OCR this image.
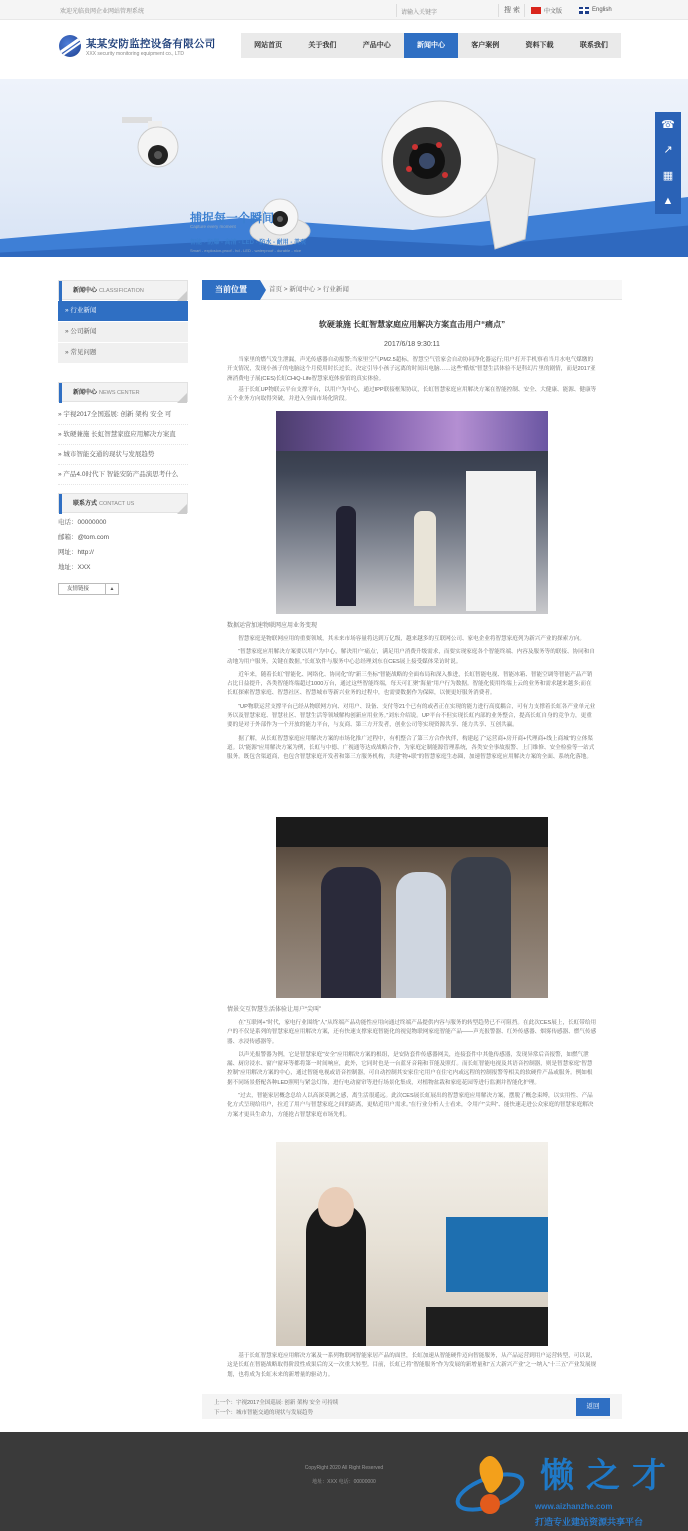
欢迎光临贵网企业网站管理系统	请输入关键字	搜 索	中文版	English
某某安防监控设备有限公司
XXX security monitoring equipment co., LTD
网站首页	关于我们	产品中心	新闻中心	客户案例	资料下载	联系我们
捕捉每一个瞬间
Capture every moment
智能 - 防爆 - 高清 - LED - 防水 - 耐用 - 美观
Smart - explosion-proof - hd - LED - waterproof - durable - nice
☎
↗
▦
▲
新闻中心 CLASSIFICATION
» 行业新闻
» 公司新闻
» 常见问题
新闻中心 NEWS CENTER
» 宇视2017全国巡展: 创新 架构 安全 可
» 软硬兼施 长虹智慧家庭应用解决方案直
» 城市智能交通的现状与发展趋势
» 产品4.0时代下 智能安防产品演思考什么
联系方式 CONTACT US
电话：00000000
邮箱：@tom.com
网址：http://
地址：XXX
友情链接	▲
当前位置	首页 > 新闻中心 > 行业新闻
软硬兼施 长虹智慧家庭应用解决方案直击用户“痛点”
2017/6/18 9:30:11

当家里的燃气发生泄漏，声光传感器自动报警;当家里空气PM2.5超标，智慧空气管家会自动协同净化器运行;用户打开手机察看当月水电气煤缴的开支情况，发现小孩子的电脑这个月使用时长过长，决定引导小孩子远离的时间出电脑……这些“酷炫”智慧生活体验不是科幻片里的剧情，而是2017亚洲消费电子展(CES)长虹CHiQ-Life智慧家庭体验馆的真实体验。

基于长虹UP物联云平台支撑平台，以用户为中心，通过IPP联接框架协议，长虹智慧家庭应用解决方案在智能控制、安全、大健康、能源、健康等五个业务方向取得突破，并进入全面市场化阶段。

数据运营加速物联网应用业务变现

智慧家庭是物联网应用的重要领域，其未来市场容量将达到万亿级，越来越多的互联网公司、家电企业将智慧家庭列为新兴产业的探索方向。

“智慧家庭应用解决方案要以用户为中心，解决用户‘痛点’，满足用户消费升级需求，而要实现家庭各个智能终端、内容及服务等的联接、协同和自动地为用户服务，关键在数据。”长虹软件与服务中心总经理刘东在CES展上接受媒体采访时说。

近年来，随着长虹“智能化、网络化、协同化”的“新三坐标”智能战略的全面布局和深入推进，长虹智能电视、智能冰箱、智能空调等智能产品产销占比日益提升，各类智能终端超过1000万台，通过这些智能终端，每天可汇聚“海量”用户行为数据。智能化使用终端上云的业务和需求越来越多;而在长虹探索智慧家庭、智慧社区、智慧城市等新兴业务的过程中，也需要数据作为保障，以便更好服务消费者。

“UP物联运营支撑平台已经从物联网方向、对用户、设备、支付等21个已有的或者正在实现的能力进行高度耦合，可有力支撑着长虹各产业单元业务以及智慧家庭、智慧社区、智慧生活等领域解构创新应用业务。”刘东介绍说。UP平台不但实现长虹内部的业务整合，提高长虹自身的竞争力，更重要的是对于外部作为一个开放的能力平台，与友商、第三方开发者，创业公司等实现资源共享、能力共享、互创共赢。

据了解，从长虹智慧家庭应用解决方案的市场化推广过程中，有机整合了第三方合作伙伴，构建起了“运营商+房开商+代理商+线上商城”的立体渠道。以“能源”应用解决方案为例，长虹与中德、广视通等达成战略合作，为家庭定制能源管理系统，各类安全事故报警、上门维修、安全检验等一站式服务。既包含渠道商，也包含智慧家庭开发者和第三方服务机构，共建“物+联”的智慧家庭生态圈，加速智慧家庭应用解决方案的全面、系统化落地。

情景交互智慧生活体验让用户“尖叫”

在“互联网+”时代，家电行业围绕“人”从终端产品功能性应用向通过终端产品提供内容与服务的转型趋势已不可阻挡。在此次CES展上，长虹带给用户的不仅是系列的智慧家庭应用解决方案，还有快速支撑家庭智能化的视觉物联网家庭智能产品——声光报警器、红外传感器、烟雾传感器、燃气传感器、水浸传感器等。

以声光报警器为例，它是智慧家庭“安全”应用解决方案的根组，是安防套件传感器网关，连接套件中其他传感器，发现异常后音报警，如燃气泄漏、厨房浸水、窗户窗环等都将第一时间响应，此外，它同时也是一台蓝牙音箱和节能及照灯。而长虹智能电视及其语音控制器，则是智慧家庭“智慧控制”应用解决方案的中心，通过智能电视或语音控制器，可自动控制其安家住宅用户在住宅内或远程的控制报警等相关的软硬件产品或服务。例如根据不同场景搭配各种LED照明与紧急灯饰，进行电动窗帘等进行场景化集成，对植物盆栽和家庭花园等进行监测并智能化护理。

“过去，智能家居概念总给人以高深莫测之感，离生活很遥远。此次CES展长虹展出的智慧家庭应用解决方案，摆脱了概念束缚，以实用性、产品化方式呈现给用户，拉近了用户与智慧家庭之间的距离，更贴近用户需求。”在行业分析人士看来，令用户“尖叫”、能快速走进公众家庭的智慧家庭解决方案才更具生命力，方能抢占智慧家庭市场先机。

基于长虹智慧家庭应用解决方案及一系列物联网智能家居产品的面世，长虹加速从智能硬件迈向智能服务，从产品运营到用户运营转型，可以说，这是长虹在智能战略取得阶段性成果后的又一次重大转型。目前，长虹已将“智能服务”作为发展的新增量和“五大新兴产业”之一纳入“十三五”产业发展规划，也将成为长虹未来的新增量的驱动力。

上一个：宇视2017全国巡展: 创新 架构 安全 可持续
下一个：城市智能交通的现状与发展趋势
返回
CopyRight 2020 All Right Reserved
地址：XXX 电话：00000000	懒之才
www.aizhanzhe.com
打造专业建站资源共享平台
